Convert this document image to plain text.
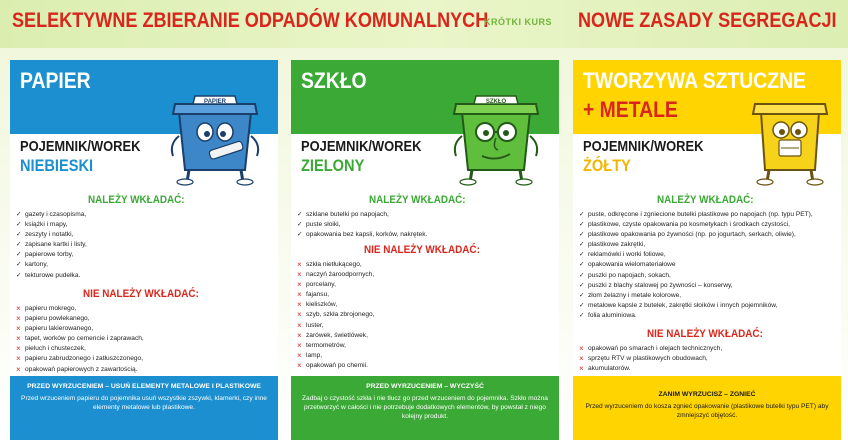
SELEKTYWNE ZBIERANIE ODPADÓW KOMUNALNYCH
KRÓTKI KURS NOWE ZASADY SEGREGACJI
PAPIER
PAPIER
POJEMNIK/WOREK
NIEBIESKI
NALEŻY WKŁADAĆ:
✓ gazety i czasopisma,
✓ książki i mapy,
✓ zeszyty i notatki,
✓ zapisane kartki i listy,
✓ papierowe torby,
✓ kartony,
✓ tekturowe pudełka.
NIE NALEŻY WKŁADAĆ:
× papieru mokrego,
× papieru powlekanego,
× papieru lakierowanego,
× tapet, worków po cemencie i zaprawach,
× pieluch i chusteczek,
× papieru zabrudzonego i zatłuszczonego,
× opakowań papierowych z zawartością.
PRZED WYRZUCENIEM – USUŃ ELEMENTY METALOWE I PLASTIKOWE
Przed wrzuceniem papieru do pojemnika usuń wszystkie zszywki, klamerki, czy inne elementy metalowe lub plastikowe.
SZKŁO
SZKŁO
POJEMNIK/WOREK
ZIELONY
NALEŻY WKŁADAĆ:
✓ szklane butelki po napojach,
✓ puste słoiki,
✓ opakowania bez kapsli, korków, nakrętek.
NIE NALEŻY WKŁADAĆ:
× szkła nietłukącego,
× naczyń żaroodpornych,
× porcelany,
× fajansu,
× kieliszków,
× szyb, szkła zbrojonego,
× luster,
× żarówek, świetlówek,
× termometrów,
× lamp,
× opakowań po chemii.
PRZED WYRZUCENIEM – WYCZYŚĆ
Zadbaj o czystość szkła i nie tłucz go przed wrzuceniem do pojemnika. Szkło można przetworzyć w całości i nie potrzebuje dodatkowych elementów, by powstał z niego kolejny produkt.
TWORZYWA SZTUCZNE
+ METALE
POJEMNIK/WOREK
ŻÓŁTY
NALEŻY WKŁADAĆ:
✓ puste, odkręcone i zgniecione butelki plastikowe po napojach (np. typu PET),
✓ plastikowe, czyste opakowania po kosmetykach i środkach czystości,
✓ plastikowe opakowania po żywności (np. po jogurtach, serkach, oliwie),
✓ plastikowe zakrętki,
✓ reklamówki i worki foliowe,
✓ opakowania wielomateriałowe
✓ puszki po napojach, sokach,
✓ puszki z blachy stalowej po żywności – konserwy,
✓ złom żelazny i metale kolorowe,
✓ metalowe kapsle z butelek, zakrętki słoików i innych pojemników,
✓ folia aluminiowa.
NIE NALEŻY WKŁADAĆ:
× opakowań po smarach i olejach technicznych,
× sprzętu RTV w plastikowych obudowach,
× akumulatorów.
ZANIM WYRZUCISZ – ZGNIEĆ
Przed wyrzuceniem do kosza zgnieć opakowanie (plastikowe butelki typu PET) aby zmniejszyć objętość.
